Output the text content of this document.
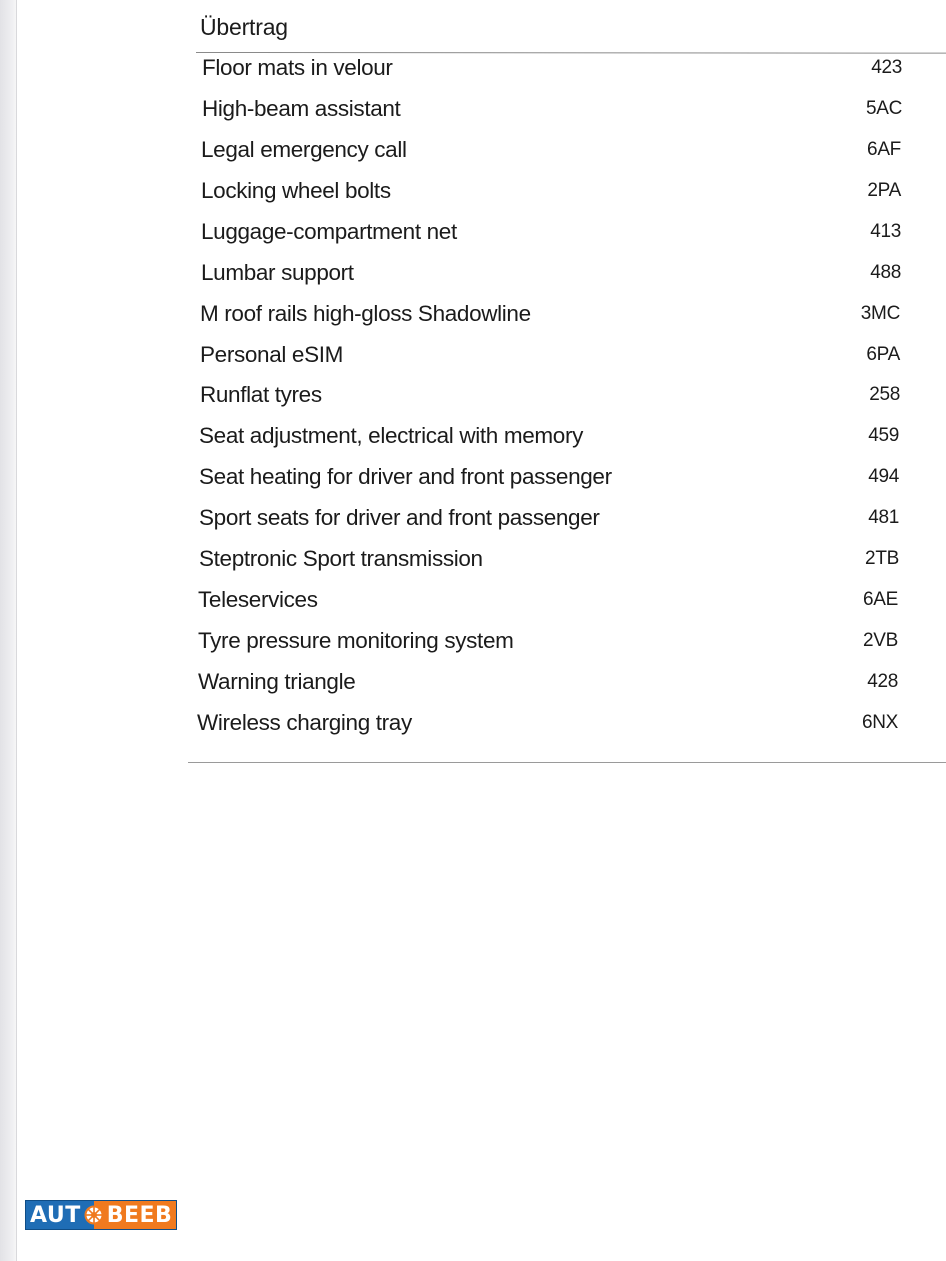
Übertrag
Floor mats in velour	423
High-beam assistant	5AC
Legal emergency call	6AF
Locking wheel bolts	2PA
Luggage-compartment net	413
Lumbar support	488
M roof rails high-gloss Shadowline	3MC
Personal eSIM	6PA
Runflat tyres	258
Seat adjustment, electrical with memory	459
Seat heating for driver and front passenger	494
Sport seats for driver and front passenger	481
Steptronic Sport transmission	2TB
Teleservices	6AE
Tyre pressure monitoring system	2VB
Warning triangle	428
Wireless charging tray	6NX
AUT BEEB
